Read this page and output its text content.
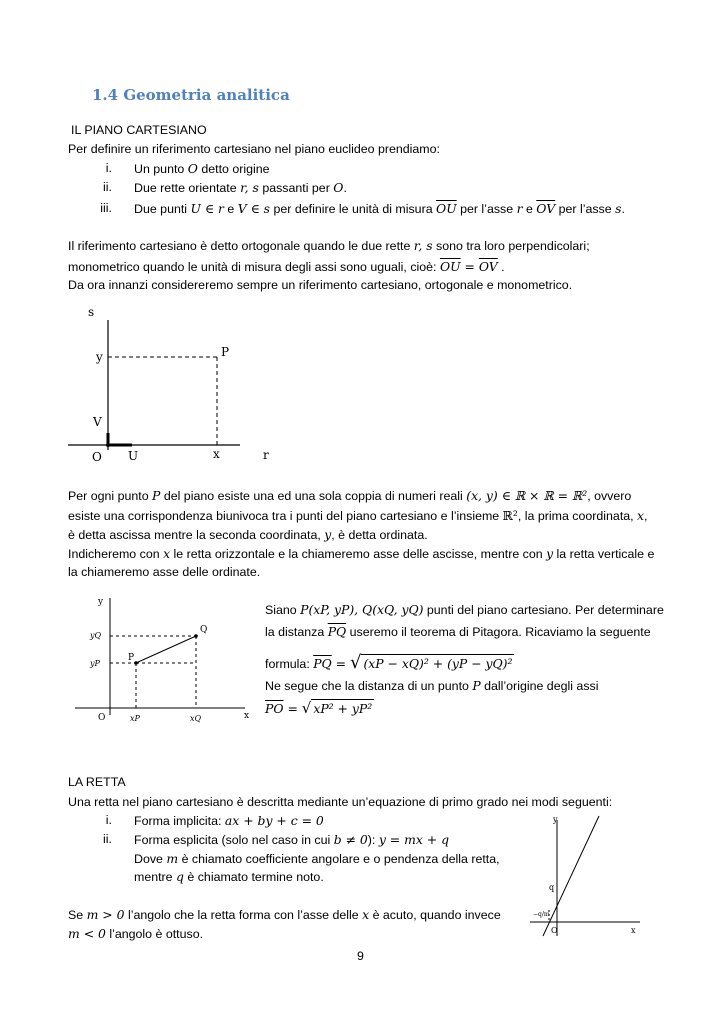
1.4 Geometria analitica
IL PIANO CARTESIANO
Per definire un riferimento cartesiano nel piano euclideo prendiamo:
i. Un punto O detto origine
ii. Due rette orientate r, s passanti per O.
iii. Due punti U ∈ r e V ∈ s per definire le unità di misura $\overline{OU}$ per l’asse r e $\overline{OV}$ per l’asse s.
Il riferimento cartesiano è detto ortogonale quando le due rette r, s sono tra loro perpendicolari;
monometrico quando le unità di misura degli assi sono uguali, cioè: $\overline{OU} = \overline{OV}$ .
Da ora innanzi considereremo sempre un riferimento cartesiano, ortogonale e monometrico.
s
y	P
V
O U	x	r
Per ogni punto P del piano esiste una ed una sola coppia di numeri reali (x, y) ∈ ℝ × ℝ = ℝ², ovvero
esiste una corrispondenza biunivoca tra i punti del piano cartesiano e l’insieme ℝ², la prima coordinata, x,
è detta ascissa mentre la seconda coordinata, y, è detta ordinata.
Indicheremo con x le retta orizzontale e la chiameremo asse delle ascisse, mentre con y la retta verticale e
la chiameremo asse delle ordinate.
y
Q
yQ
yP
P
O	xP	xQ	x
Siano P(xP, yP), Q(xQ, yQ) punti del piano cartesiano. Per determinare
la distanza $\overline{PQ}$ useremo il teorema di Pitagora. Ricaviamo la seguente
formula: $\overline{PQ}$ = √ (xP − xQ)² + (yP − yQ)²
Ne segue che la distanza di un punto P dall’origine degli assi
$\overline{PO}$ = √ xP² + yP²
LA RETTA
Una retta nel piano cartesiano è descritta mediante un’equazione di primo grado nei modi seguenti:
i. Forma implicita: ax + by + c = 0
ii. Forma esplicita (solo nel caso in cui b ≠ 0): y = mx + q
Dove m è chiamato coefficiente angolare e o pendenza della retta,
mentre q è chiamato termine noto.
Se m > 0 l’angolo che la retta forma con l’asse delle x è acuto, quando invece
m < 0 l’angolo è ottuso.
y
q
−q/m
O	x
9
